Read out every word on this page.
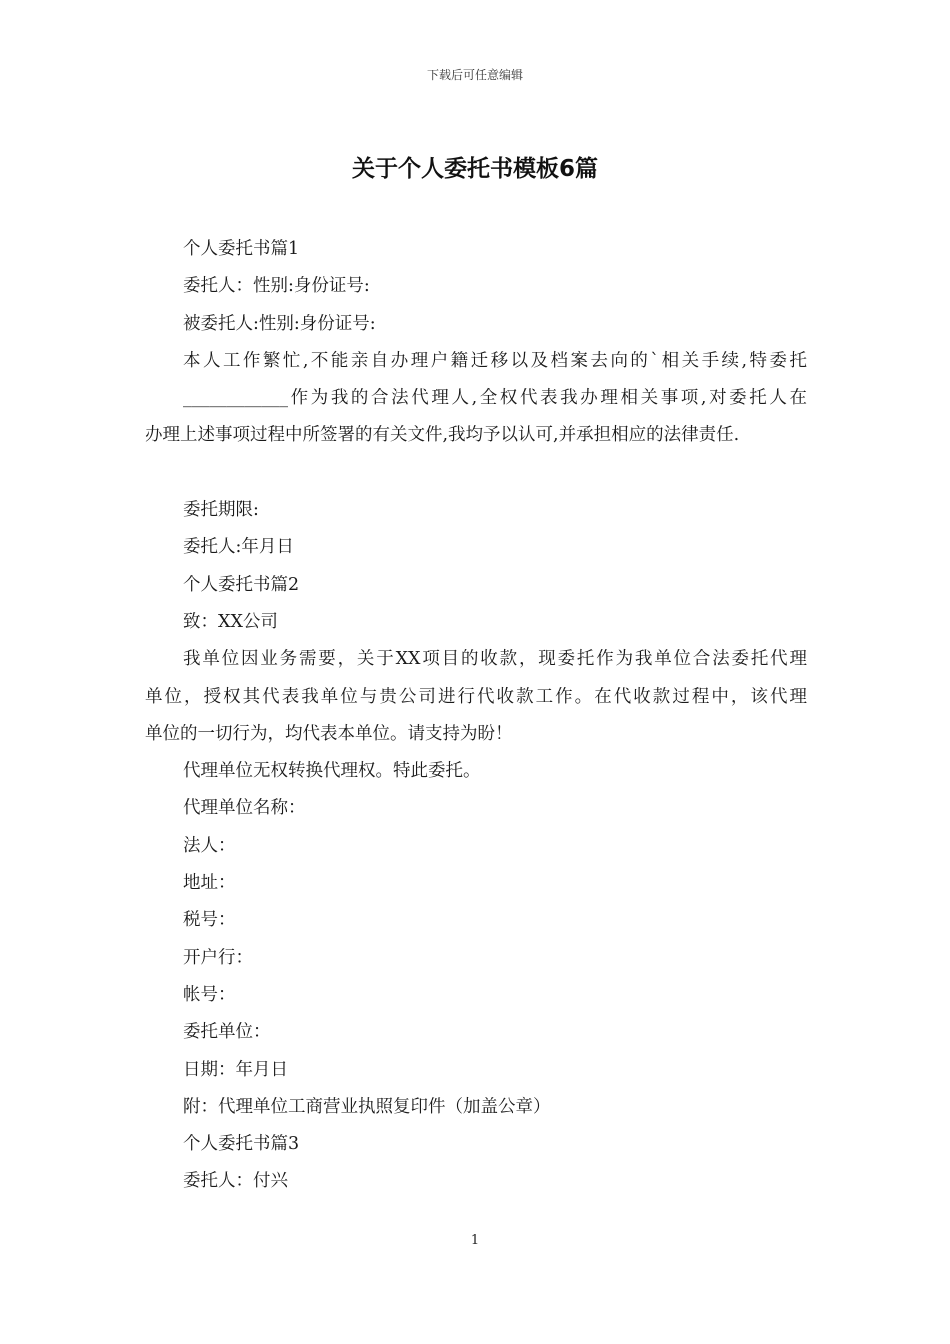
下载后可任意编辑
关于个人委托书模板6篇
个人委托书篇1
委托人：性别:身份证号:
被委托人:性别:身份证号:
本人工作繁忙,不能亲自办理户籍迁移以及档案去向的`相关手续,特委托
____________作为我的合法代理人,全权代表我办理相关事项,对委托人在
办理上述事项过程中所签署的有关文件,我均予以认可,并承担相应的法律责任.
委托期限:
委托人:年月日
个人委托书篇2
致：XX公司
我单位因业务需要，关于XX项目的收款，现委托作为我单位合法委托代理
单位，授权其代表我单位与贵公司进行代收款工作。在代收款过程中，该代理
单位的一切行为，均代表本单位。请支持为盼！
代理单位无权转换代理权。特此委托。
代理单位名称：
法人：
地址：
税号：
开户行：
帐号：
委托单位：
日期：年月日
附：代理单位工商营业执照复印件（加盖公章）
个人委托书篇3
委托人：付兴
1
